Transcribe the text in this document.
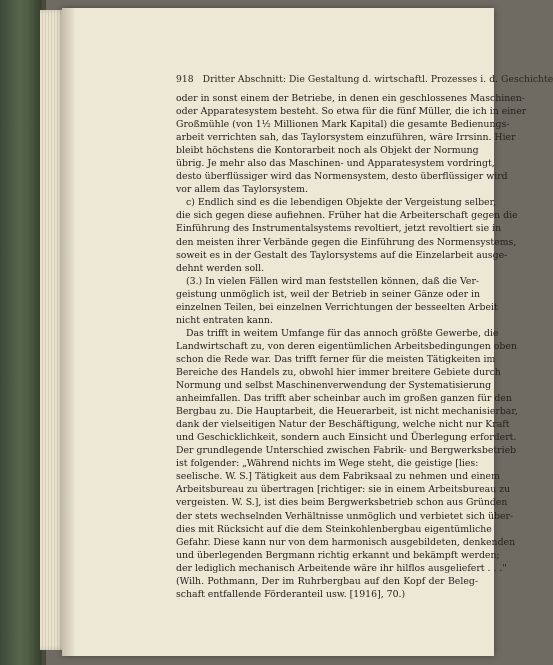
918 Dritter Abschnitt: Die Gestaltung d. wirtschaftl. Prozesses i. d. Geschichte
oder in sonst einem der Betriebe, in denen ein geschlossenes Maschinen-
oder Apparatesystem besteht. So etwa für die fünf Müller, die ich in einer
Großmühle (von 1½ Millionen Mark Kapital) die gesamte Bedienungs-
arbeit verrichten sah, das Taylorsystem einzuführen, wäre Irrsinn. Hier
bleibt höchstens die Kontorarbeit noch als Objekt der Normung
übrig. Je mehr also das Maschinen- und Apparatesystem vordringt,
desto überflüssiger wird das Normensystem, desto überflüssiger wird
vor allem das Taylorsystem.
c) Endlich sind es die lebendigen Objekte der Vergeistung selber,
die sich gegen diese aufiehnen. Früher hat die Arbeiterschaft gegen die
Einführung des Instrumentalsystems revoltiert, jetzt revoltiert sie in
den meisten ihrer Verbände gegen die Einführung des Normensystems,
soweit es in der Gestalt des Taylorsystems auf die Einzelarbeit ausge-
dehnt werden soll.
(3.) In vielen Fällen wird man feststellen können, daß die Ver-
geistung unmöglich ist, weil der Betrieb in seiner Gänze oder in
einzelnen Teilen, bei einzelnen Verrichtungen der besseelten Arbeit
nicht entraten kann.
Das trifft in weitem Umfange für das annoch größte Gewerbe, die
Landwirtschaft zu, von deren eigentümlichen Arbeitsbedingungen oben
schon die Rede war. Das trifft ferner für die meisten Tätigkeiten im
Bereiche des Handels zu, obwohl hier immer breitere Gebiete durch
Normung und selbst Maschinenverwendung der Systematisierung
anheimfallen. Das trifft aber scheinbar auch im großen ganzen für den
Bergbau zu. Die Hauptarbeit, die Heuerarbeit, ist nicht mechanisierbar,
dank der vielseitigen Natur der Beschäftigung, welche nicht nur Kraft
und Geschicklichkeit, sondern auch Einsicht und Überlegung erfordert.
Der grundlegende Unterschied zwischen Fabrik- und Bergwerksbetrieb
ist folgender: „Während nichts im Wege steht, die geistige [lies:
seelische. W. S.] Tätigkeit aus dem Fabriksaal zu nehmen und einem
Arbeitsbureau zu übertragen [richtiger: sie in einem Arbeitsbureau zu
vergeisten. W. S.], ist dies beim Bergwerksbetrieb schon aus Gründen
der stets wechselnden Verhältnisse unmöglich und verbietet sich über-
dies mit Rücksicht auf die dem Steinkohlenbergbau eigentümliche
Gefahr. Diese kann nur von dem harmonisch ausgebildeten, denkenden
und überlegenden Bergmann richtig erkannt und bekämpft werden;
der lediglich mechanisch Arbeitende wäre ihr hilflos ausgeliefert . . ."
(Wilh. Pothmann, Der im Ruhrbergbau auf den Kopf der Beleg-
schaft entfallende Förderanteil usw. [1916], 70.)
